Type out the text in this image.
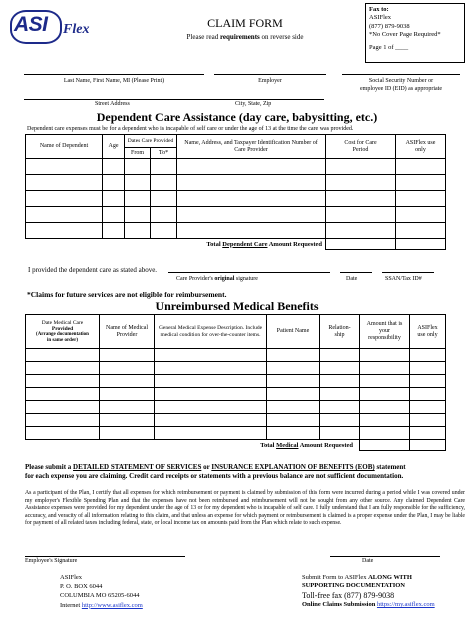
ASI Flex	CLAIM FORM
Please read requirements on reverse side
Fax to:
ASIFlex
(877) 879-9038
*No Cover Page Required*
Page 1 of ____
Last Name, First Name, MI (Please Print)	Employer	Social Security Number or
employee ID (EID) as appropriate
Street Address	City, State, Zip
Dependent Care Assistance (day care, babysitting, etc.)
Dependent care expenses must be for a dependent who is incapable of self care or under the age of 13 at the time the care was provided.
Name of Dependent	Age	Dates Care Provided		Name, Address, and Taxpayer Identification Number of Care Provider	Cost for Care Period	ASIFlex use only
		From	To*			

Total Dependent Care Amount Requested						
I provided the dependent care as stated above.
Care Provider's original signature	Date	SSAN/Tax ID#
*Claims for future services are not eligible for reimbursement.
Unreimbursed Medical Benefits
Date Medical Care
Provided
(Arrange documentation
in same order)	Name of Medical Provider	General Medical Expense Description. Include medical condition for over-the-counter items.	Patient Name	Relation-ship	Amount that is your responsibility	ASIFlex use only

Total Medical Amount Requested						
Please submit a DETAILED STATEMENT OF SERVICES or INSURANCE EXPLANATION OF BENEFITS (EOB) statement
for each expense you are claiming. Credit card receipts or statements with a previous balance are not sufficient documentation.
As a participant of the Plan, I certify that all expenses for which reimbursement or payment is claimed by submission of this form were incurred during a period while I was covered under my employer's Flexible Spending Plan and that the expenses have not been reimbursed and reimbursement will not be sought from any other source. Any claimed Dependent Care Assistance expenses were provided for my dependent under the age of 13 or for my dependent who is incapable of self care. I fully understand that I am fully responsible for the sufficiency, accuracy, and veracity of all information relating to this claim, and that unless an expense for which payment or reimbursement is claimed is a proper expense under the Plan, I may be liable for payment of all related taxes including federal, state, or local income tax on amounts paid from the Plan which relate to such expense.
Employee's Signature	Date
ASIFlex
P. O. BOX 6044
COLUMBIA MO 65205-6044
Internet http://www.asiflex.com
Submit Form to ASIFlex ALONG WITH
SUPPORTING DOCUMENTATION
Toll-free fax (877) 879-9038
Online Claims Submission https://my.asiflex.com
